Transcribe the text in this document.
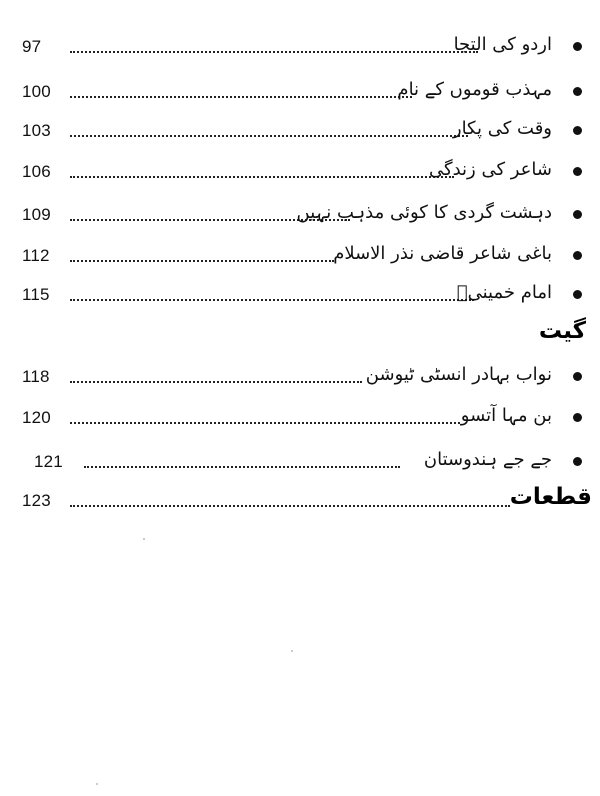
97	اردو کی التجا
100	مہذب قوموں کے نام
103	وقت کی پکار
106	شاعر کی زندگی
109	دہشت گردی کا کوئی مذہب نہیں
112	باغی شاعر قاضی نذر الاسلام
115	امام خمینیؒ
گیت
118	نواب بہادر انسٹی ٹیوشن
120	بن مہا آتسو
121	جے جے ہندوستان
123	قطعات
